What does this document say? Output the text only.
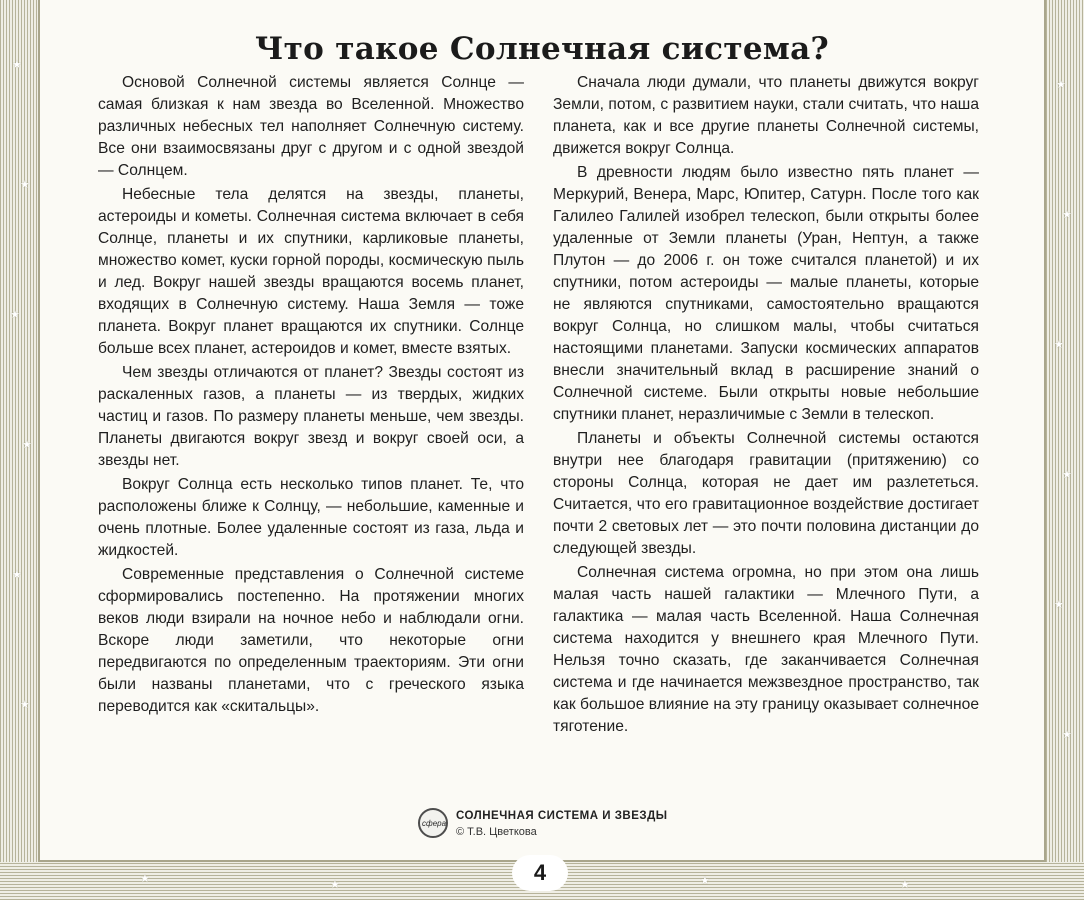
★
★
★
★
★
★
★
★
★
★
★
★
★	★	★	★
Что такое Солнечная система?

Основой Солнечной системы является Солнце — самая близкая к нам звезда во Вселенной. Множество различных небесных тел наполняет Солнечную систему. Все они взаимосвязаны друг с другом и с одной звездой — Солнцем.

Небесные тела делятся на звезды, планеты, астероиды и кометы. Солнечная система включает в себя Солнце, планеты и их спутники, карликовые планеты, множество комет, куски горной породы, космическую пыль и лед. Вокруг нашей звезды вращаются восемь планет, входящих в Солнечную систему. Наша Земля — тоже планета. Вокруг планет вращаются их спутники. Солнце больше всех планет, астероидов и комет, вместе взятых.

Чем звезды отличаются от планет? Звезды состоят из раскаленных газов, а планеты — из твердых, жидких частиц и газов. По размеру планеты меньше, чем звезды. Планеты двигаются вокруг звезд и вокруг своей оси, а звезды нет.

Вокруг Солнца есть несколько типов планет. Те, что расположены ближе к Солнцу, — небольшие, каменные и очень плотные. Более удаленные состоят из газа, льда и жидкостей.

Современные представления о Солнечной системе сформировались постепенно. На протяжении многих веков люди взирали на ночное небо и наблюдали огни. Вскоре люди заметили, что некоторые огни передвигаются по определенным траекториям. Эти огни были названы планетами, что с греческого языка переводится как «скитальцы».

Сначала люди думали, что планеты движутся вокруг Земли, потом, с развитием науки, стали считать, что наша планета, как и все другие планеты Солнечной системы, движется вокруг Солнца.

В древности людям было известно пять планет — Меркурий, Венера, Марс, Юпитер, Сатурн. После того как Галилео Галилей изобрел телескоп, были открыты более удаленные от Земли планеты (Уран, Нептун, а также Плутон — до 2006 г. он тоже считался планетой) и их спутники, потом астероиды — малые планеты, которые не являются спутниками, самостоятельно вращаются вокруг Солнца, но слишком малы, чтобы считаться настоящими планетами. Запуски космических аппаратов внесли значительный вклад в расширение знаний о Солнечной системе. Были открыты новые небольшие спутники планет, неразличимые с Земли в телескоп.

Планеты и объекты Солнечной системы остаются внутри нее благодаря гравитации (притяжению) со стороны Солнца, которая не дает им разлететься. Считается, что его гравитационное воздействие достигает почти 2 световых лет — это почти половина дистанции до следующей звезды.

Солнечная система огромна, но при этом она лишь малая часть нашей галактики — Млечного Пути, а галактика — малая часть Вселенной. Наша Солнечная система находится у внешнего края Млечного Пути. Нельзя точно сказать, где заканчивается Солнечная система и где начинается межзвездное пространство, так как большое влияние на эту границу оказывает солнечное тяготение.

сфера
СОЛНЕЧНАЯ СИСТЕМА И ЗВЕЗДЫ
© Т.В. Цветкова
4
